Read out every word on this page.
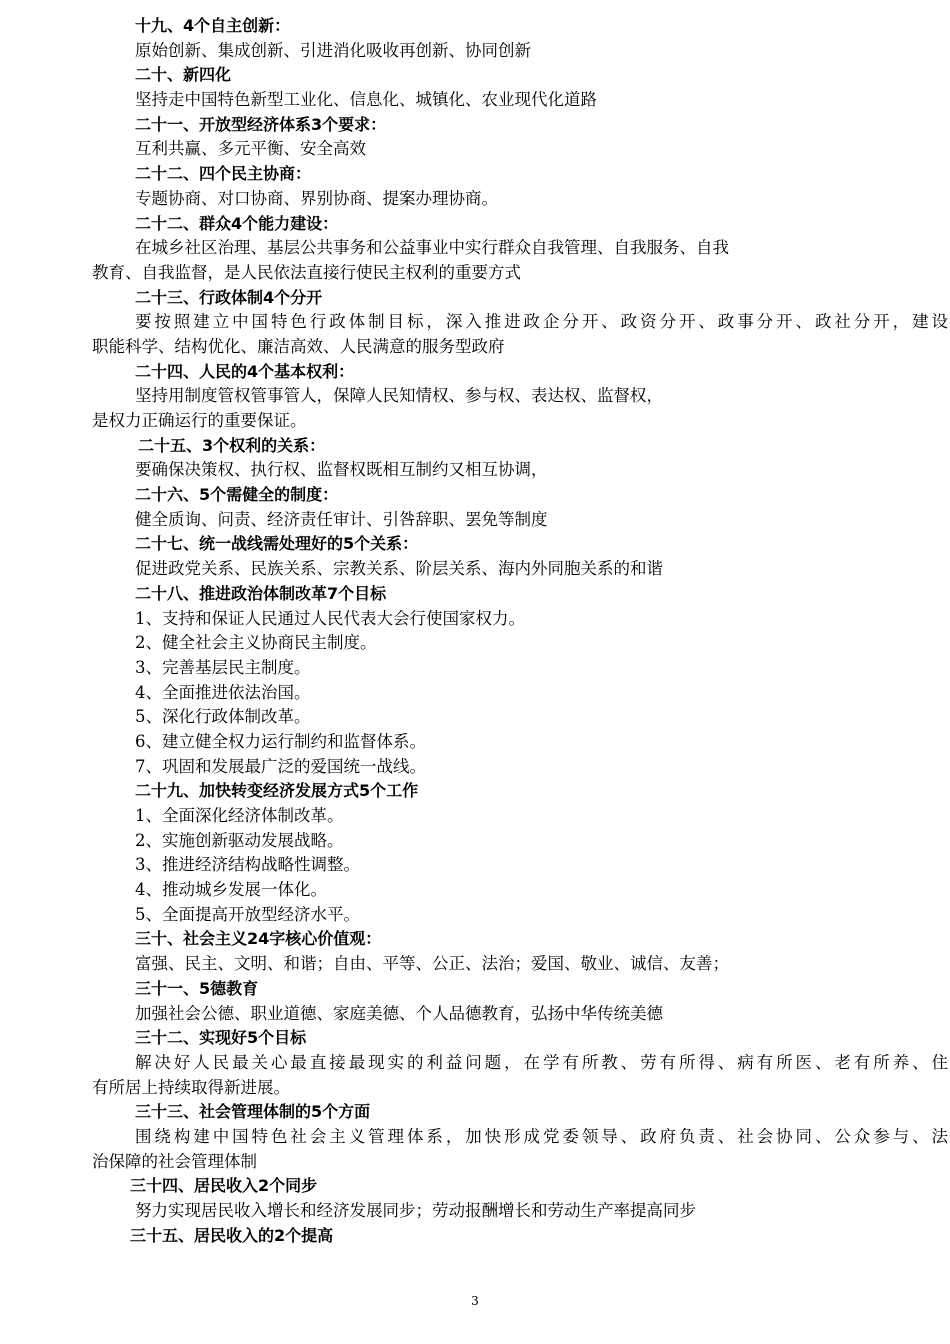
十九、4个自主创新：
原始创新、集成创新、引进消化吸收再创新、协同创新
二十、新四化
坚持走中国特色新型工业化、信息化、城镇化、农业现代化道路
二十一、开放型经济体系3个要求：
互利共赢、多元平衡、安全高效
二十二、四个民主协商：
专题协商、对口协商、界别协商、提案办理协商。
二十二、群众4个能力建设：
在城乡社区治理、基层公共事务和公益事业中实行群众自我管理、自我服务、自我
教育、自我监督，是人民依法直接行使民主权利的重要方式
二十三、行政体制4个分开
要按照建立中国特色行政体制目标，深入推进政企分开、政资分开、政事分开、政社分开，建设
职能科学、结构优化、廉洁高效、人民满意的服务型政府
二十四、人民的4个基本权利：
坚持用制度管权管事管人，保障人民知情权、参与权、表达权、监督权，
是权力正确运行的重要保证。
二十五、3个权利的关系：
要确保决策权、执行权、监督权既相互制约又相互协调，
二十六、5个需健全的制度：
健全质询、问责、经济责任审计、引咎辞职、罢免等制度
二十七、统一战线需处理好的5个关系：
促进政党关系、民族关系、宗教关系、阶层关系、海内外同胞关系的和谐
二十八、推进政治体制改革7个目标
1、支持和保证人民通过人民代表大会行使国家权力。
2、健全社会主义协商民主制度。
3、完善基层民主制度。
4、全面推进依法治国。
5、深化行政体制改革。
6、建立健全权力运行制约和监督体系。
7、巩固和发展最广泛的爱国统一战线。
二十九、加快转变经济发展方式5个工作
1、全面深化经济体制改革。
2、实施创新驱动发展战略。
3、推进经济结构战略性调整。
4、推动城乡发展一体化。
5、全面提高开放型经济水平。
三十、社会主义24字核心价值观：
富强、民主、文明、和谐；自由、平等、公正、法治；爱国、敬业、诚信、友善；
三十一、5德教育
加强社会公德、职业道德、家庭美德、个人品德教育，弘扬中华传统美德
三十二、实现好5个目标
解决好人民最关心最直接最现实的利益问题，在学有所教、劳有所得、病有所医、老有所养、住
有所居上持续取得新进展。
三十三、社会管理体制的5个方面
围绕构建中国特色社会主义管理体系，加快形成党委领导、政府负责、社会协同、公众参与、法
治保障的社会管理体制
三十四、居民收入2个同步
努力实现居民收入增长和经济发展同步；劳动报酬增长和劳动生产率提高同步
三十五、居民收入的2个提高
3
